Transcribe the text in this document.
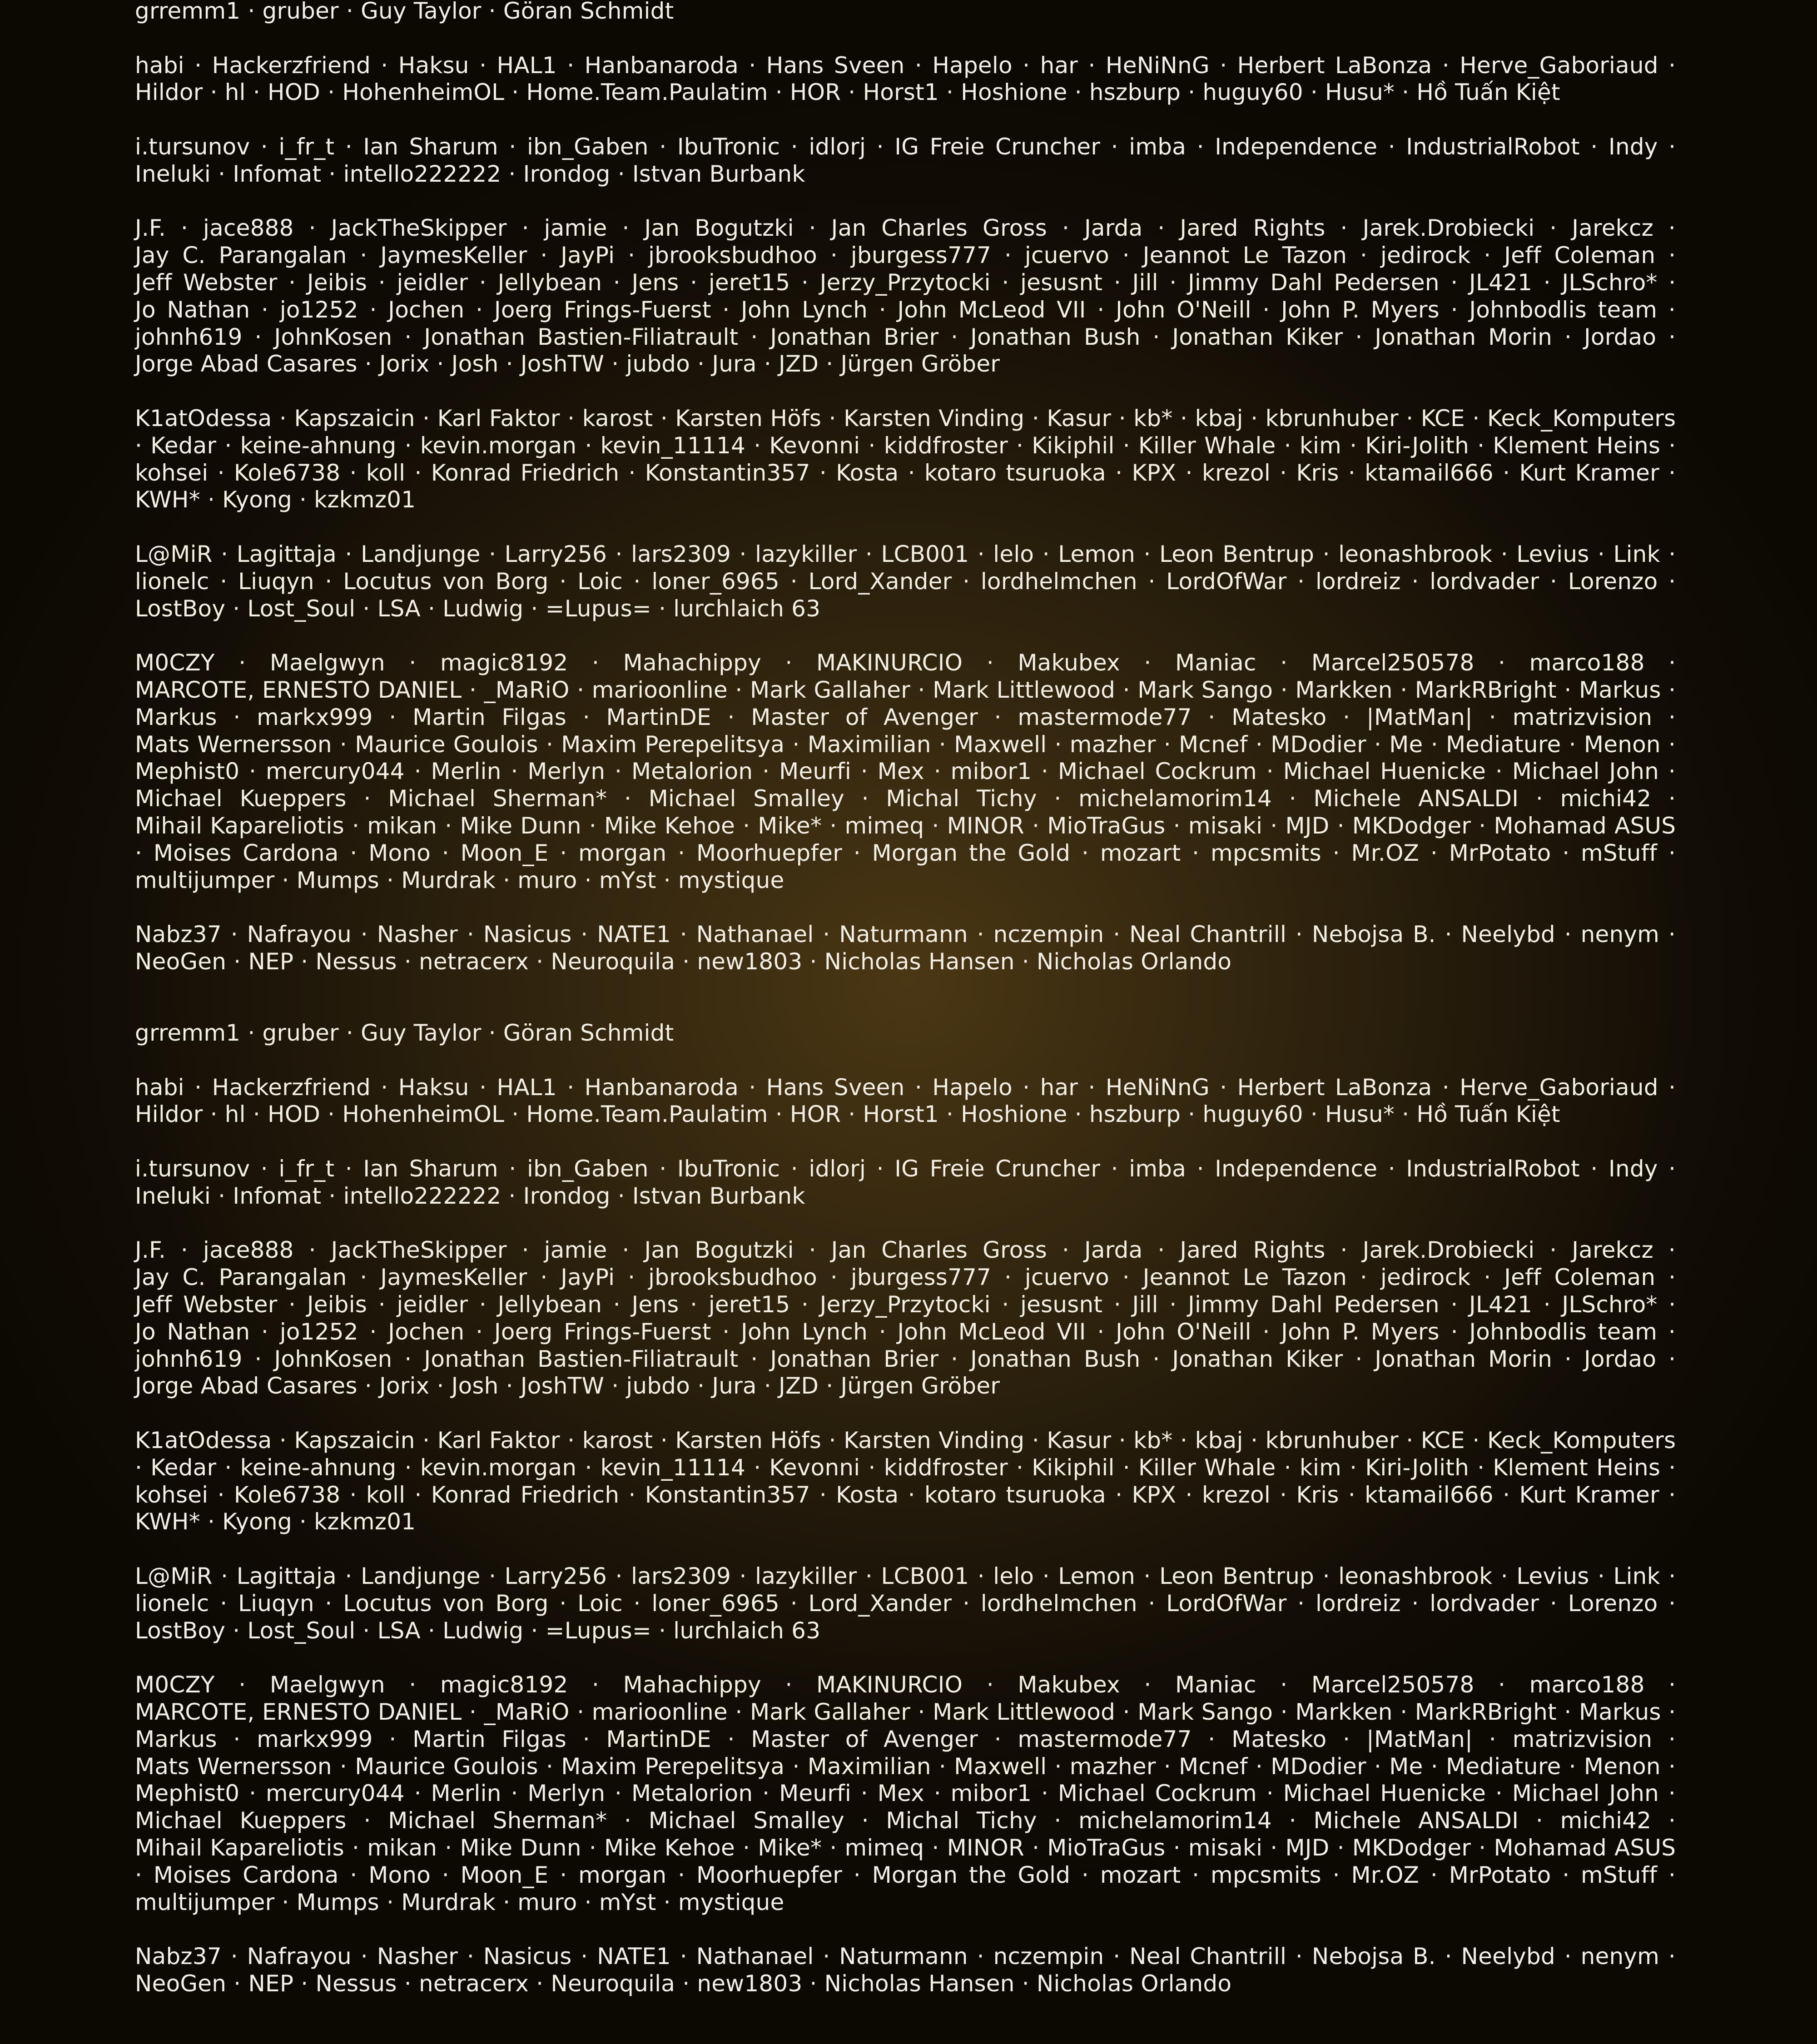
grremm1 · gruber · Guy Taylor · Göran Schmidt
habi · Hackerzfriend · Haksu · HAL1 · Hanbanaroda · Hans Sveen · Hapelo · har · HeNiNnG · Herbert LaBonza · Herve_Gaboriaud · Hildor · hl · HOD · HohenheimOL · Home.Team.Paulatim · HOR · Horst1 · Hoshione · hszburp · huguy60 · Husu* · Hồ Tuấn Kiệt
i.tursunov · i_fr_t · Ian Sharum · ibn_Gaben · IbuTronic · idlorj · IG Freie Cruncher · imba · Independence · IndustrialRobot · Indy · Ineluki · Infomat · intello222222 · Irondog · Istvan Burbank
J.F. · jace888 · JackTheSkipper · jamie · Jan Bogutzki · Jan Charles Gross · Jarda · Jared Rights · Jarek.Drobiecki · Jarekcz · Jay C. Parangalan · JaymesKeller · JayPi · jbrooksbudhoo · jburgess777 · jcuervo · Jeannot Le Tazon · jedirock · Jeff Coleman · Jeff Webster · Jeibis · jeidler · Jellybean · Jens · jeret15 · Jerzy_Przytocki · jesusnt · Jill · Jimmy Dahl Pedersen · JL421 · JLSchro* · Jo Nathan · jo1252 · Jochen · Joerg Frings-Fuerst · John Lynch · John McLeod VII · John O'Neill · John P. Myers · Johnbodlis team · johnh619 · JohnKosen · Jonathan Bastien-Filiatrault · Jonathan Brier · Jonathan Bush · Jonathan Kiker · Jonathan Morin · Jordao · Jorge Abad Casares · Jorix · Josh · JoshTW · jubdo · Jura · JZD · Jürgen Gröber
K1atOdessa · Kapszaicin · Karl Faktor · karost · Karsten Höfs · Karsten Vinding · Kasur · kb* · kbaj · kbrunhuber · KCE · Keck_Komputers · Kedar · keine-ahnung · kevin.morgan · kevin_11114 · Kevonni · kiddfroster · Kikiphil · Killer Whale · kim · Kiri-Jolith · Klement Heins · kohsei · Kole6738 · koll · Konrad Friedrich · Konstantin357 · Kosta · kotaro tsuruoka · KPX · krezol · Kris · ktamail666 · Kurt Kramer · KWH* · Kyong · kzkmz01
L@MiR · Lagittaja · Landjunge · Larry256 · lars2309 · lazykiller · LCB001 · lelo · Lemon · Leon Bentrup · leonashbrook · Levius · Link · lionelc · Liuqyn · Locutus von Borg · Loic · loner_6965 · Lord_Xander · lordhelmchen · LordOfWar · lordreiz · lordvader · Lorenzo · LostBoy · Lost_Soul · LSA · Ludwig · =Lupus= · lurchlaich 63
M0CZY · Maelgwyn · magic8192 · Mahachippy · MAKINURCIO · Makubex · Maniac · Marcel250578 · marco188 · MARCOTE, ERNESTO DANIEL · _MaRiO · marioonline · Mark Gallaher · Mark Littlewood · Mark Sango · Markken · MarkRBright · Markus · Markus · markx999 · Martin Filgas · MartinDE · Master of Avenger · mastermode77 · Matesko · |MatMan| · matrizvision · Mats Wernersson · Maurice Goulois · Maxim Perepelitsya · Maximilian · Maxwell · mazher · Mcnef · MDodier · Me · Mediature · Menon · Mephist0 · mercury044 · Merlin · Merlyn · Metalorion · Meurfi · Mex · mibor1 · Michael Cockrum · Michael Huenicke · Michael John · Michael Kueppers · Michael Sherman* · Michael Smalley · Michal Tichy · michelamorim14 · Michele ANSALDI · michi42 · Mihail Kapareliotis · mikan · Mike Dunn · Mike Kehoe · Mike* · mimeq · MINOR · MioTraGus · misaki · MJD · MKDodger · Mohamad ASUS · Moises Cardona · Mono · Moon_E · morgan · Moorhuepfer · Morgan the Gold · mozart · mpcsmits · Mr.OZ · MrPotato · mStuff · multijumper · Mumps · Murdrak · muro · mYst · mystique
Nabz37 · Nafrayou · Nasher · Nasicus · NATE1 · Nathanael · Naturmann · nczempin · Neal Chantrill · Nebojsa B. · Neelybd · nenym · NeoGen · NEP · Nessus · netracerx · Neuroquila · new1803 · Nicholas Hansen · Nicholas Orlando
grremm1 · gruber · Guy Taylor · Göran Schmidt
habi · Hackerzfriend · Haksu · HAL1 · Hanbanaroda · Hans Sveen · Hapelo · har · HeNiNnG · Herbert LaBonza · Herve_Gaboriaud · Hildor · hl · HOD · HohenheimOL · Home.Team.Paulatim · HOR · Horst1 · Hoshione · hszburp · huguy60 · Husu* · Hồ Tuấn Kiệt
i.tursunov · i_fr_t · Ian Sharum · ibn_Gaben · IbuTronic · idlorj · IG Freie Cruncher · imba · Independence · IndustrialRobot · Indy · Ineluki · Infomat · intello222222 · Irondog · Istvan Burbank
J.F. · jace888 · JackTheSkipper · jamie · Jan Bogutzki · Jan Charles Gross · Jarda · Jared Rights · Jarek.Drobiecki · Jarekcz · Jay C. Parangalan · JaymesKeller · JayPi · jbrooksbudhoo · jburgess777 · jcuervo · Jeannot Le Tazon · jedirock · Jeff Coleman · Jeff Webster · Jeibis · jeidler · Jellybean · Jens · jeret15 · Jerzy_Przytocki · jesusnt · Jill · Jimmy Dahl Pedersen · JL421 · JLSchro* · Jo Nathan · jo1252 · Jochen · Joerg Frings-Fuerst · John Lynch · John McLeod VII · John O'Neill · John P. Myers · Johnbodlis team · johnh619 · JohnKosen · Jonathan Bastien-Filiatrault · Jonathan Brier · Jonathan Bush · Jonathan Kiker · Jonathan Morin · Jordao · Jorge Abad Casares · Jorix · Josh · JoshTW · jubdo · Jura · JZD · Jürgen Gröber
K1atOdessa · Kapszaicin · Karl Faktor · karost · Karsten Höfs · Karsten Vinding · Kasur · kb* · kbaj · kbrunhuber · KCE · Keck_Komputers · Kedar · keine-ahnung · kevin.morgan · kevin_11114 · Kevonni · kiddfroster · Kikiphil · Killer Whale · kim · Kiri-Jolith · Klement Heins · kohsei · Kole6738 · koll · Konrad Friedrich · Konstantin357 · Kosta · kotaro tsuruoka · KPX · krezol · Kris · ktamail666 · Kurt Kramer · KWH* · Kyong · kzkmz01
L@MiR · Lagittaja · Landjunge · Larry256 · lars2309 · lazykiller · LCB001 · lelo · Lemon · Leon Bentrup · leonashbrook · Levius · Link · lionelc · Liuqyn · Locutus von Borg · Loic · loner_6965 · Lord_Xander · lordhelmchen · LordOfWar · lordreiz · lordvader · Lorenzo · LostBoy · Lost_Soul · LSA · Ludwig · =Lupus= · lurchlaich 63
M0CZY · Maelgwyn · magic8192 · Mahachippy · MAKINURCIO · Makubex · Maniac · Marcel250578 · marco188 · MARCOTE, ERNESTO DANIEL · _MaRiO · marioonline · Mark Gallaher · Mark Littlewood · Mark Sango · Markken · MarkRBright · Markus · Markus · markx999 · Martin Filgas · MartinDE · Master of Avenger · mastermode77 · Matesko · |MatMan| · matrizvision · Mats Wernersson · Maurice Goulois · Maxim Perepelitsya · Maximilian · Maxwell · mazher · Mcnef · MDodier · Me · Mediature · Menon · Mephist0 · mercury044 · Merlin · Merlyn · Metalorion · Meurfi · Mex · mibor1 · Michael Cockrum · Michael Huenicke · Michael John · Michael Kueppers · Michael Sherman* · Michael Smalley · Michal Tichy · michelamorim14 · Michele ANSALDI · michi42 · Mihail Kapareliotis · mikan · Mike Dunn · Mike Kehoe · Mike* · mimeq · MINOR · MioTraGus · misaki · MJD · MKDodger · Mohamad ASUS · Moises Cardona · Mono · Moon_E · morgan · Moorhuepfer · Morgan the Gold · mozart · mpcsmits · Mr.OZ · MrPotato · mStuff · multijumper · Mumps · Murdrak · muro · mYst · mystique
Nabz37 · Nafrayou · Nasher · Nasicus · NATE1 · Nathanael · Naturmann · nczempin · Neal Chantrill · Nebojsa B. · Neelybd · nenym · NeoGen · NEP · Nessus · netracerx · Neuroquila · new1803 · Nicholas Hansen · Nicholas Orlando
